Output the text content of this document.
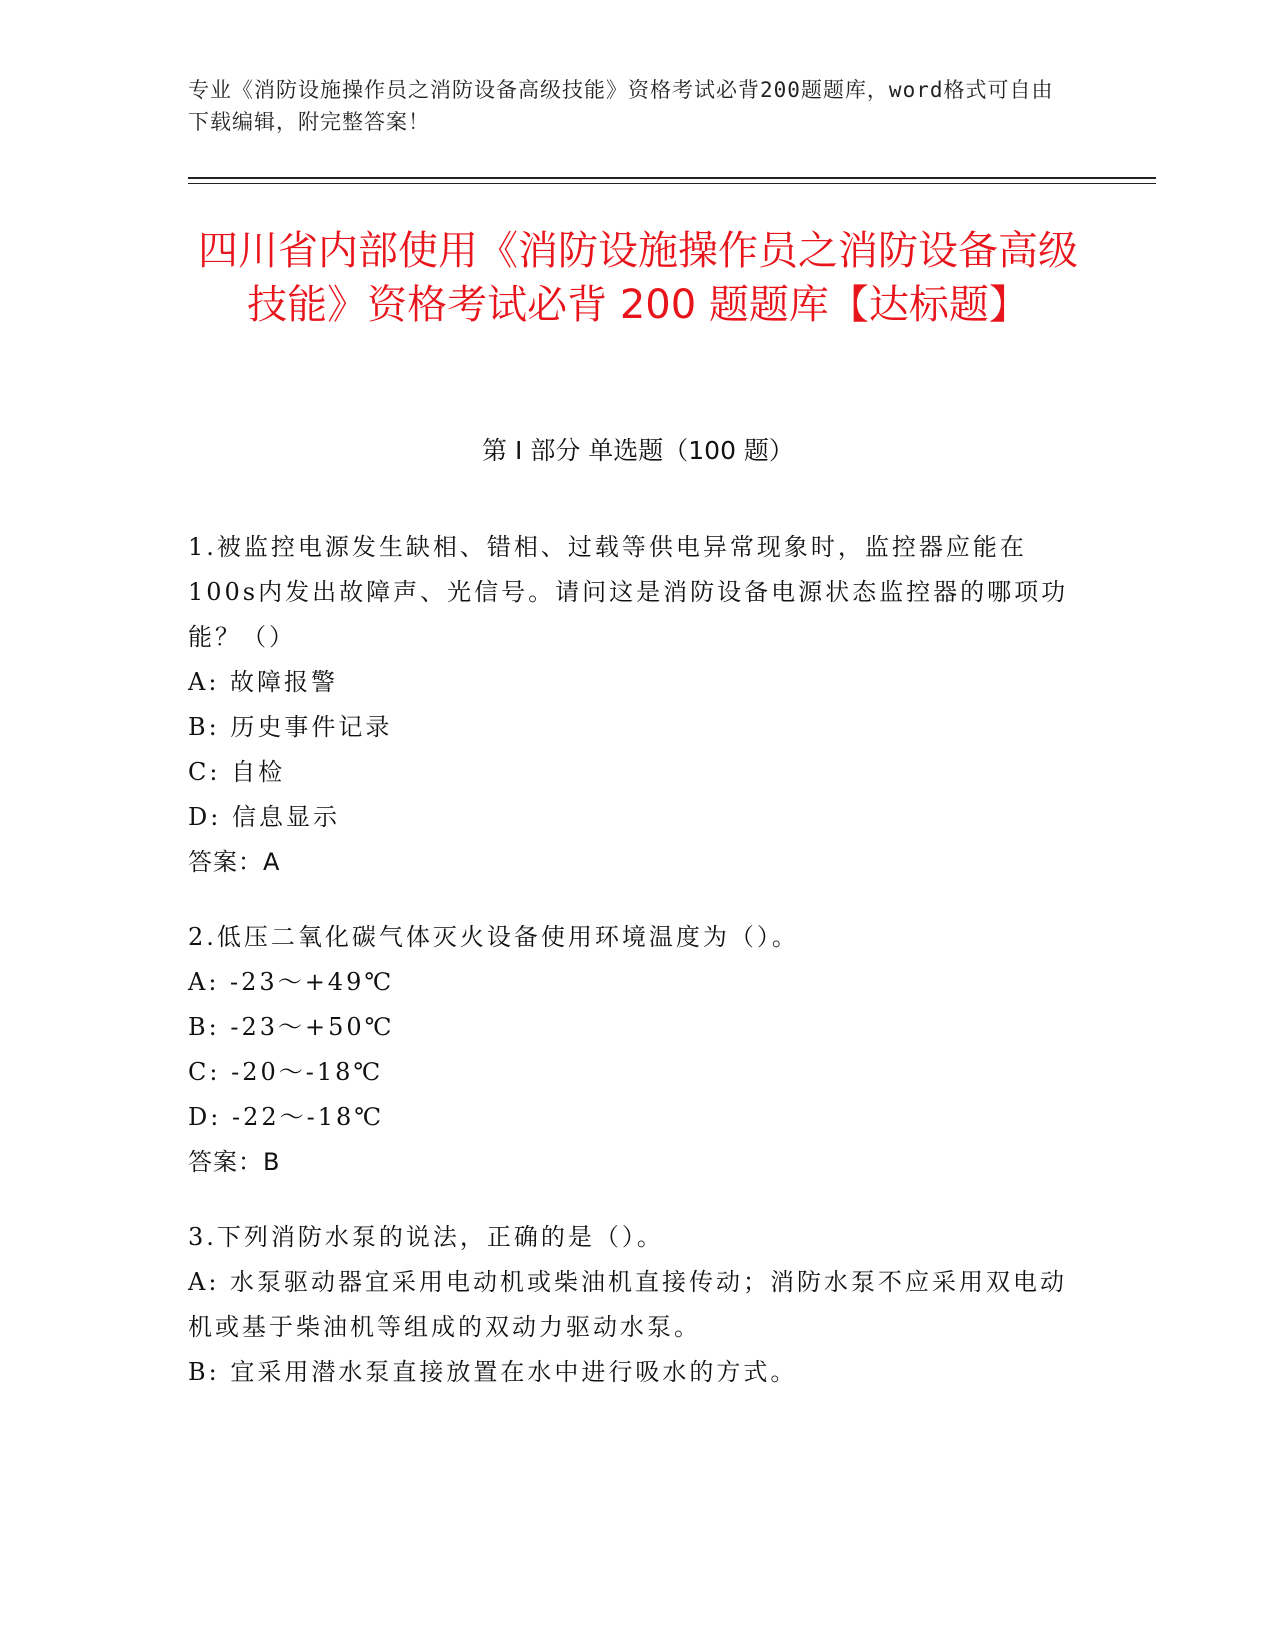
专业《消防设施操作员之消防设备高级技能》资格考试必背200题题库，word格式可自由下载编辑，附完整答案！
四川省内部使用《消防设施操作员之消防设备高级技能》资格考试必背 200 题题库【达标题】
第 I 部分 单选题（100 题）

1.被监控电源发生缺相、错相、过载等供电异常现象时，监控器应能在100s内发出故障声、光信号。请问这是消防设备电源状态监控器的哪项功能？（）

A: 故障报警

B: 历史事件记录

C: 自检

D: 信息显示

答案：A

2.低压二氧化碳气体灭火设备使用环境温度为（）。

A: -23～+49℃

B: -23～+50℃

C: -20～-18℃

D: -22～-18℃

答案：B

3.下列消防水泵的说法，正确的是（）。

A: 水泵驱动器宜采用电动机或柴油机直接传动；消防水泵不应采用双电动机或基于柴油机等组成的双动力驱动水泵。

B: 宜采用潜水泵直接放置在水中进行吸水的方式。
